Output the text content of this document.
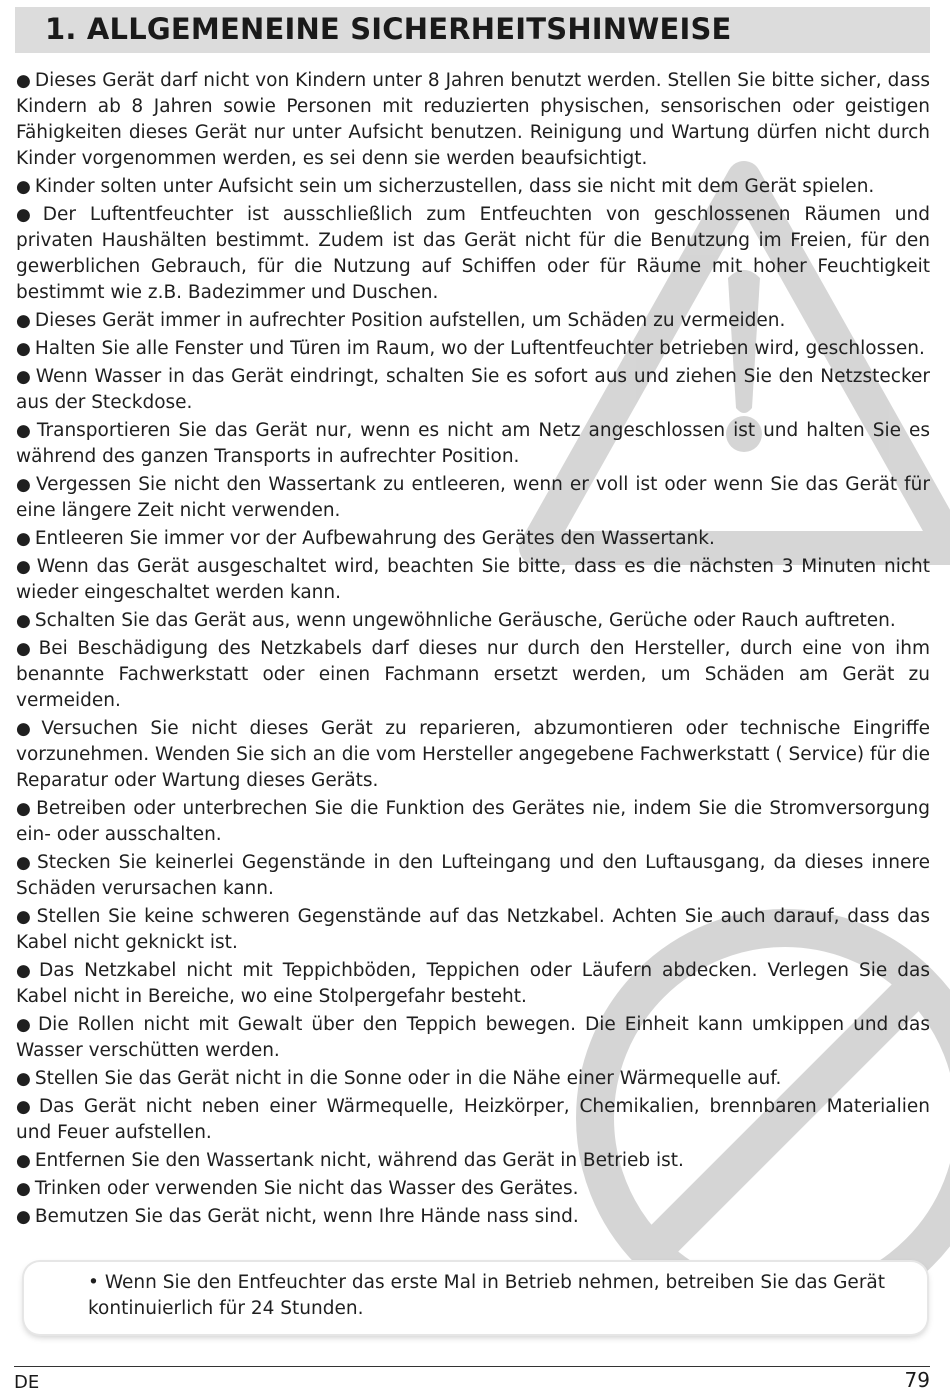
1. ALLGEMENEINE SICHERHEITSHINWEISE

● Dieses Gerät darf nicht von Kindern unter 8 Jahren benutzt werden. Stellen Sie bitte sicher, dass Kindern ab 8 Jahren sowie Personen mit reduzierten physischen, sensorischen oder geistigen Fähigkeiten dieses Gerät nur unter Aufsicht benutzen. Reinigung und Wartung dürfen nicht durch Kinder vorgenommen werden, es sei denn sie werden beaufsichtigt.

● Kinder solten unter Aufsicht sein um sicherzustellen, dass sie nicht mit dem Gerät spielen.

● Der Luftentfeuchter ist ausschließlich zum Entfeuchten von geschlossenen Räumen und privaten Haushälten bestimmt. Zudem ist das Gerät nicht für die Benutzung im Freien, für den gewerblichen Gebrauch, für die Nutzung auf Schiffen oder für Räume mit hoher Feuchtigkeit bestimmt wie z.B. Badezimmer und Duschen.

● Dieses Gerät immer in aufrechter Position aufstellen, um Schäden zu vermeiden.

● Halten Sie alle Fenster und Türen im Raum, wo der Luftentfeuchter betrieben wird, geschlossen.

● Wenn Wasser in das Gerät eindringt, schalten Sie es sofort aus und ziehen Sie den Netzstecker aus der Steckdose.

● Transportieren Sie das Gerät nur, wenn es nicht am Netz angeschlossen ist und halten Sie es während des ganzen Transports in aufrechter Position.

● Vergessen Sie nicht den Wassertank zu entleeren, wenn er voll ist oder wenn Sie das Gerät für eine längere Zeit nicht verwenden.

● Entleeren Sie immer vor der Aufbewahrung des Gerätes den Wassertank.

● Wenn das Gerät ausgeschaltet wird, beachten Sie bitte, dass es die nächsten 3 Minuten nicht wieder eingeschaltet werden kann.

● Schalten Sie das Gerät aus, wenn ungewöhnliche Geräusche, Gerüche oder Rauch auftreten.

● Bei Beschädigung des Netzkabels darf dieses nur durch den Hersteller, durch eine von ihm benannte Fachwerkstatt oder einen Fachmann ersetzt werden, um Schäden am Gerät zu vermeiden.

● Versuchen Sie nicht dieses Gerät zu reparieren, abzumontieren oder technische Eingriffe vorzunehmen. Wenden Sie sich an die vom Hersteller angegebene Fachwerkstatt ( Service) für die Reparatur oder Wartung dieses Geräts.

● Betreiben oder unterbrechen Sie die Funktion des Gerätes nie, indem Sie die Stromversorgung ein- oder ausschalten.

● Stecken Sie keinerlei Gegenstände in den Lufteingang und den Luftausgang, da dieses innere Schäden verursachen kann.

● Stellen Sie keine schweren Gegenstände auf das Netzkabel. Achten Sie auch darauf, dass das Kabel nicht geknickt ist.

● Das Netzkabel nicht mit Teppichböden, Teppichen oder Läufern abdecken. Verlegen Sie das Kabel nicht in Bereiche, wo eine Stolpergefahr besteht.

● Die Rollen nicht mit Gewalt über den Teppich bewegen. Die Einheit kann umkippen und das Wasser verschütten werden.

● Stellen Sie das Gerät nicht in die Sonne oder in die Nähe einer Wärmequelle auf.

● Das Gerät nicht neben einer Wärmequelle, Heizkörper, Chemikalien, brennbaren Materialien und Feuer aufstellen.

● Entfernen Sie den Wassertank nicht, während das Gerät in Betrieb ist.

● Trinken oder verwenden Sie nicht das Wasser des Gerätes.

● Bemutzen Sie das Gerät nicht, wenn Ihre Hände nass sind.

• Wenn Sie den Entfeuchter das erste Mal in Betrieb nehmen, betreiben Sie das Gerät kontinuierlich für 24 Stunden.

DE	79
